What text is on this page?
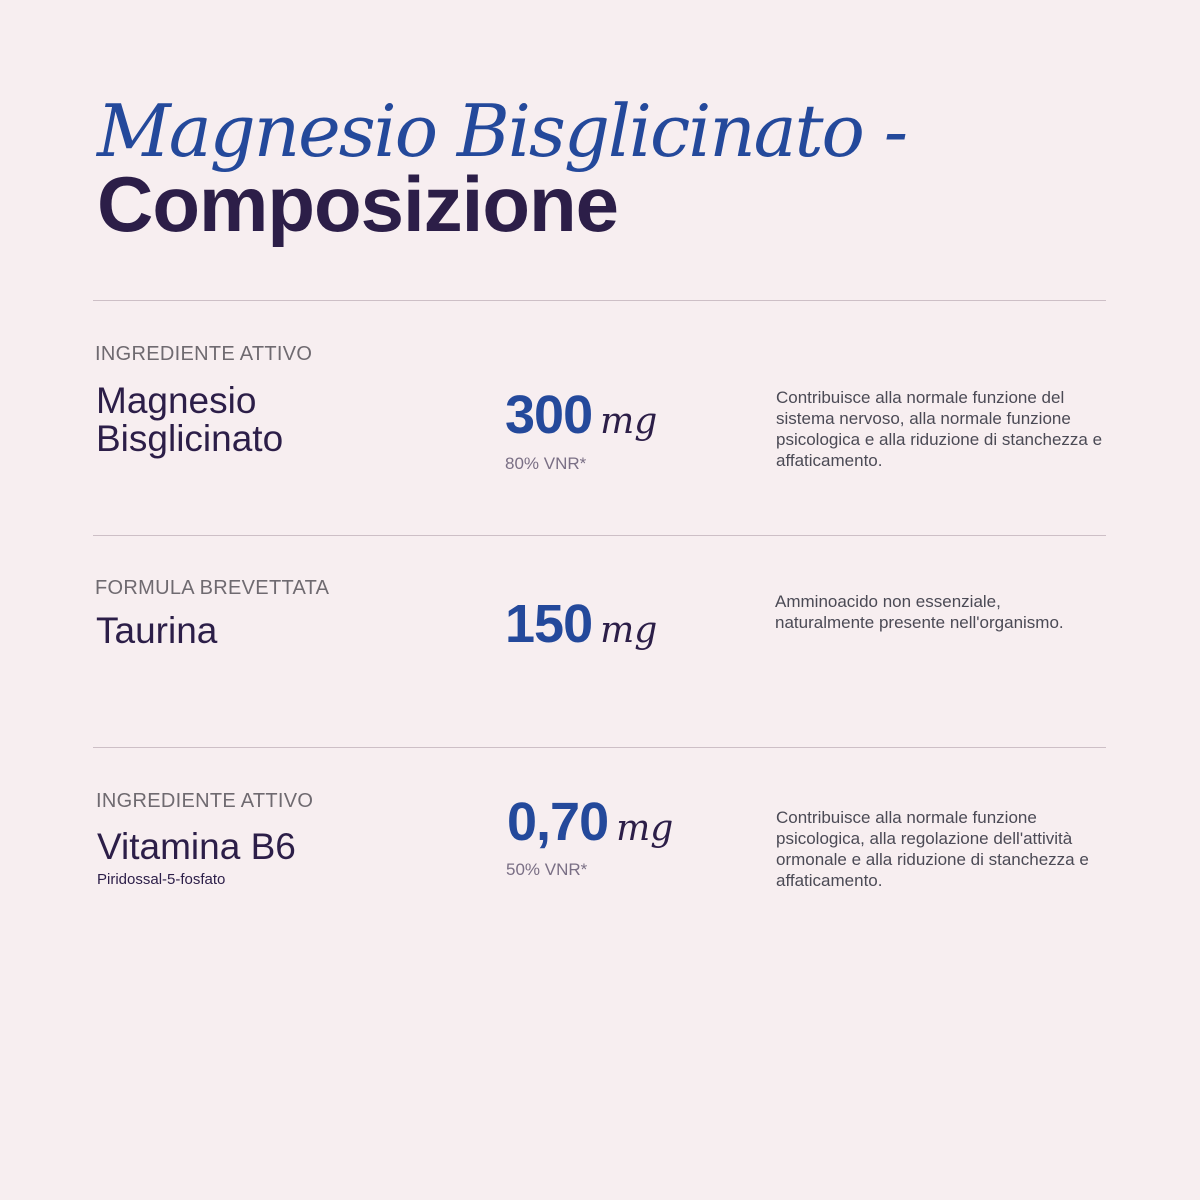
Magnesio Bisglicinato -
Composizione
INGREDIENTE ATTIVO
Magnesio
Bisglicinato	300 mg
80% VNR*
Contribuisce alla normale funzione del sistema nervoso, alla normale funzione psicologica e alla riduzione di stanchezza e affaticamento.
FORMULA BREVETTATA
Taurina	150 mg
Amminoacido non essenziale, naturalmente presente nell'organismo.
INGREDIENTE ATTIVO
Vitamina B6
Piridossal-5-fosfato
0,70 mg
50% VNR*
Contribuisce alla normale funzione psicologica, alla regolazione dell'attività ormonale e alla riduzione di stanchezza e affaticamento.
